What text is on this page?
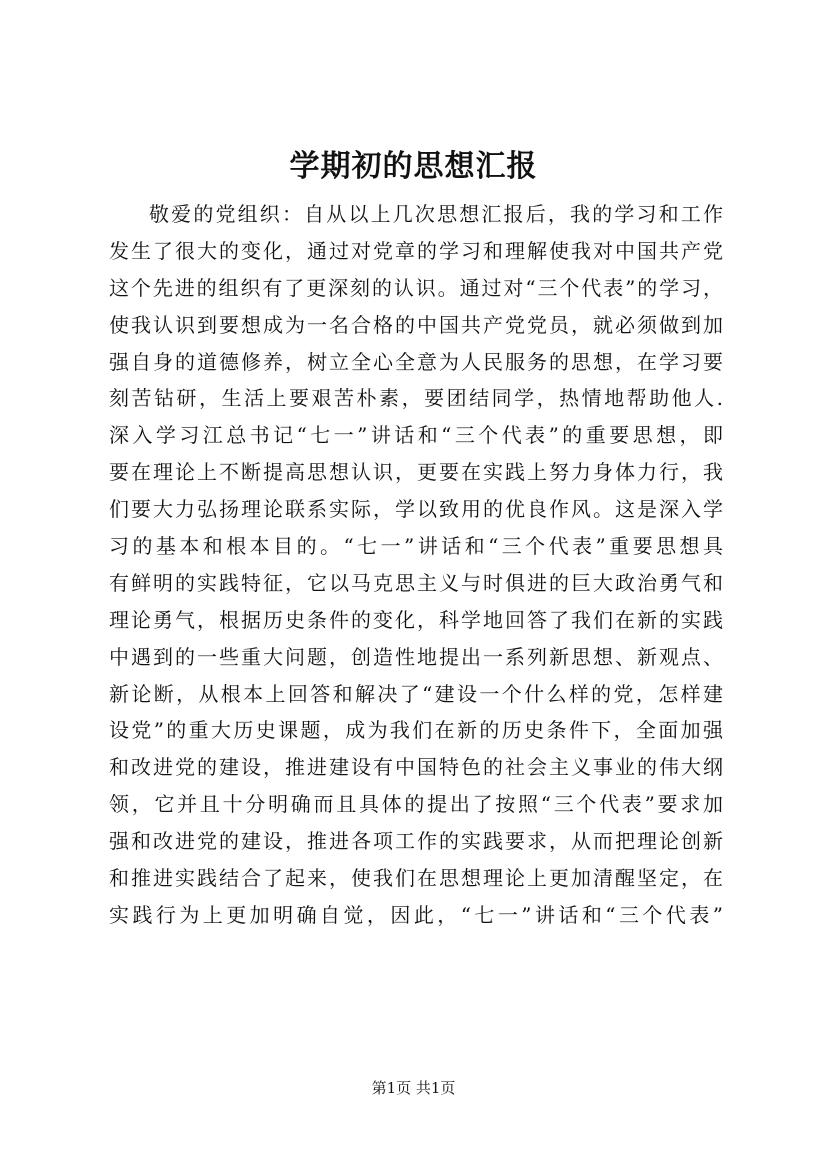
学期初的思想汇报
敬爱的党组织：自从以上几次思想汇报后，我的学习和工作
发生了很大的变化，通过对党章的学习和理解使我对中国共产党
这个先进的组织有了更深刻的认识。通过对“三个代表”的学习，
使我认识到要想成为一名合格的中国共产党党员，就必须做到加
强自身的道德修养，树立全心全意为人民服务的思想，在学习要
刻苦钻研，生活上要艰苦朴素，要团结同学，热情地帮助他人.
深入学习江总书记“七一”讲话和“三个代表”的重要思想，即
要在理论上不断提高思想认识，更要在实践上努力身体力行，我
们要大力弘扬理论联系实际，学以致用的优良作风。这是深入学
习的基本和根本目的。“七一”讲话和“三个代表”重要思想具
有鲜明的实践特征，它以马克思主义与时俱进的巨大政治勇气和
理论勇气，根据历史条件的变化，科学地回答了我们在新的实践
中遇到的一些重大问题，创造性地提出一系列新思想、新观点、
新论断，从根本上回答和解决了“建设一个什么样的党，怎样建
设党”的重大历史课题，成为我们在新的历史条件下，全面加强
和改进党的建设，推进建设有中国特色的社会主义事业的伟大纲
领，它并且十分明确而且具体的提出了按照“三个代表”要求加
强和改进党的建设，推进各项工作的实践要求，从而把理论创新
和推进实践结合了起来，使我们在思想理论上更加清醒坚定，在
实践行为上更加明确自觉，因此，“七一”讲话和“三个代表”
第1页 共1页
